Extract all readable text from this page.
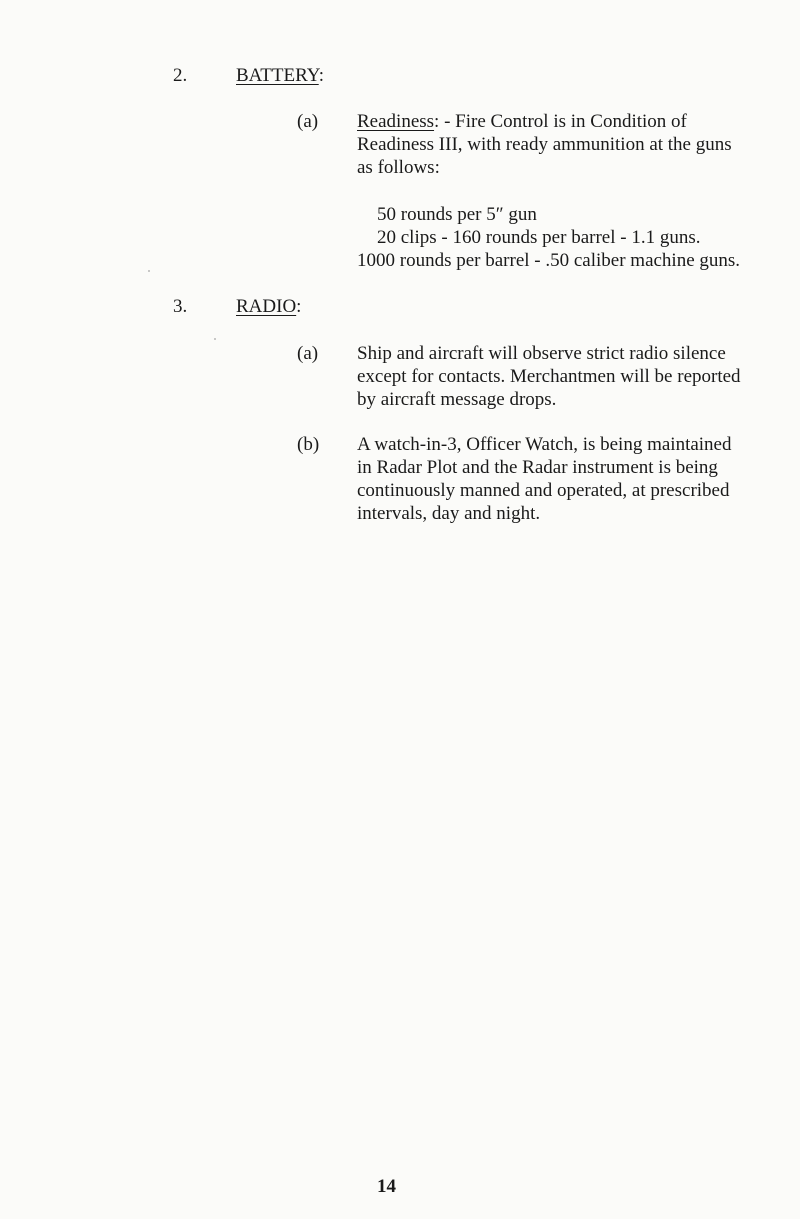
2.	BATTERY:
(a) Readiness: - Fire Control is in Condition of
Readiness III, with ready ammunition at the guns
as follows:
50 rounds per 5″ gun
20 clips - 160 rounds per barrel - 1.1 guns.
1000 rounds per barrel - .50 caliber machine guns.
3.	RADIO:
(a) Ship and aircraft will observe strict radio silence
except for contacts. Merchantmen will be reported
by aircraft message drops.
(b) A watch-in-3, Officer Watch, is being maintained
in Radar Plot and the Radar instrument is being
continuously manned and operated, at prescribed
intervals, day and night.
14
